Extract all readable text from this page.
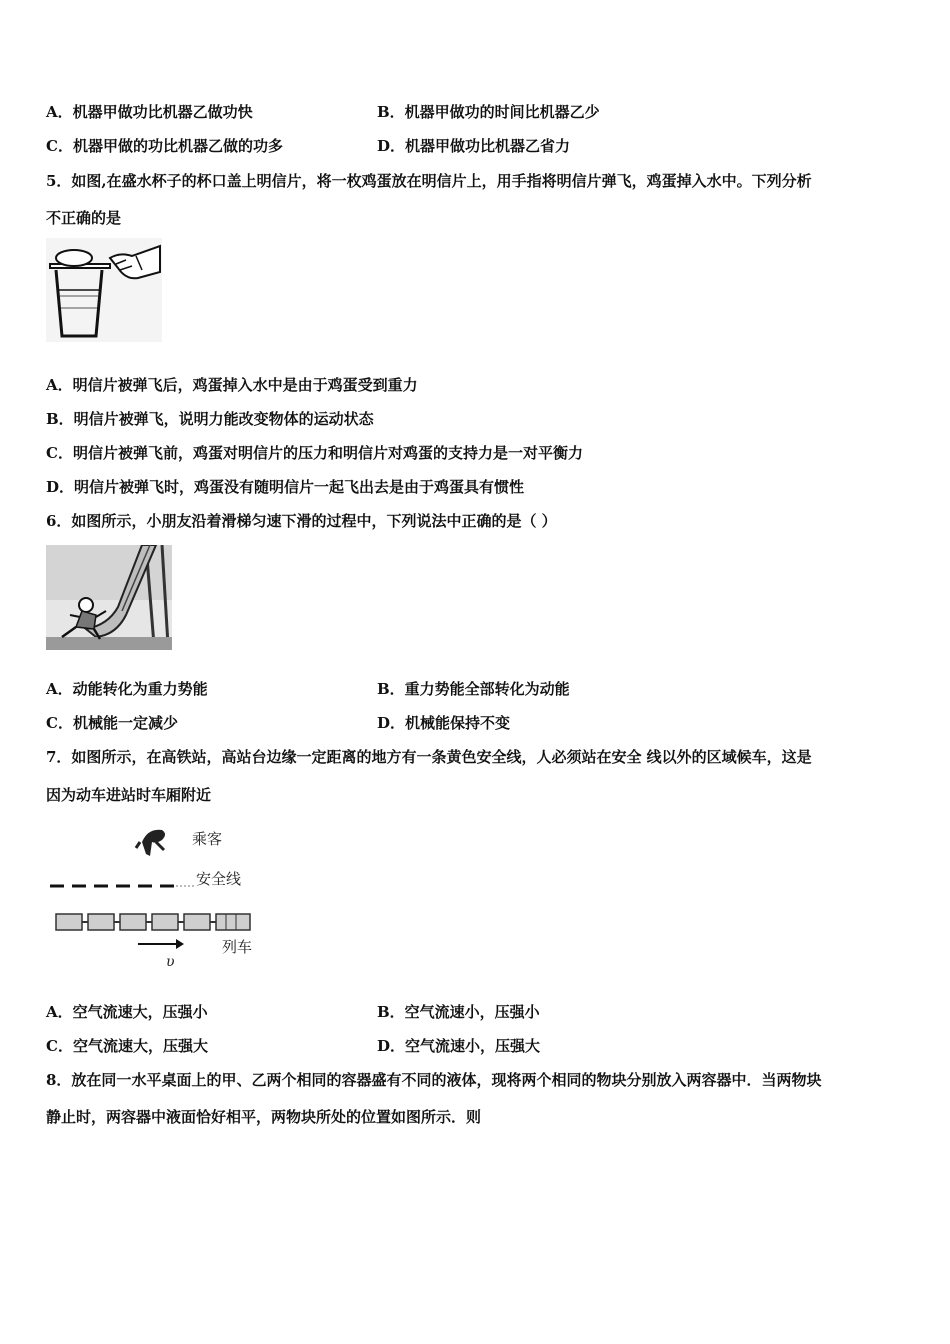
A．机器甲做功比机器乙做功快	B．机器甲做功的时间比机器乙少
C．机器甲做的功比机器乙做的功多	D．机器甲做功比机器乙省力
5．如图,在盛水杯子的杯口盖上明信片，将一枚鸡蛋放在明信片上，用手指将明信片弹飞，鸡蛋掉入水中。下列分析
不正确的是
A．明信片被弹飞后，鸡蛋掉入水中是由于鸡蛋受到重力
B．明信片被弹飞，说明力能改变物体的运动状态
C．明信片被弹飞前，鸡蛋对明信片的压力和明信片对鸡蛋的支持力是一对平衡力
D．明信片被弹飞时，鸡蛋没有随明信片一起飞出去是由于鸡蛋具有惯性
6．如图所示，小朋友沿着滑梯匀速下滑的过程中，下列说法中正确的是（ ）
A．动能转化为重力势能	B．重力势能全部转化为动能
C．机械能一定减少	D．机械能保持不变
7．如图所示，在高铁站，高站台边缘一定距离的地方有一条黄色安全线，人必须站在安全 线以外的区域候车，这是
因为动车进站时车厢附近
乘客
安全线
υ
列车
A．空气流速大，压强小	B．空气流速小，压强小
C．空气流速大，压强大	D．空气流速小，压强大
8．放在同一水平桌面上的甲、乙两个相同的容器盛有不同的液体，现将两个相同的物块分别放入两容器中．当两物块
静止时，两容器中液面恰好相平，两物块所处的位置如图所示．则
